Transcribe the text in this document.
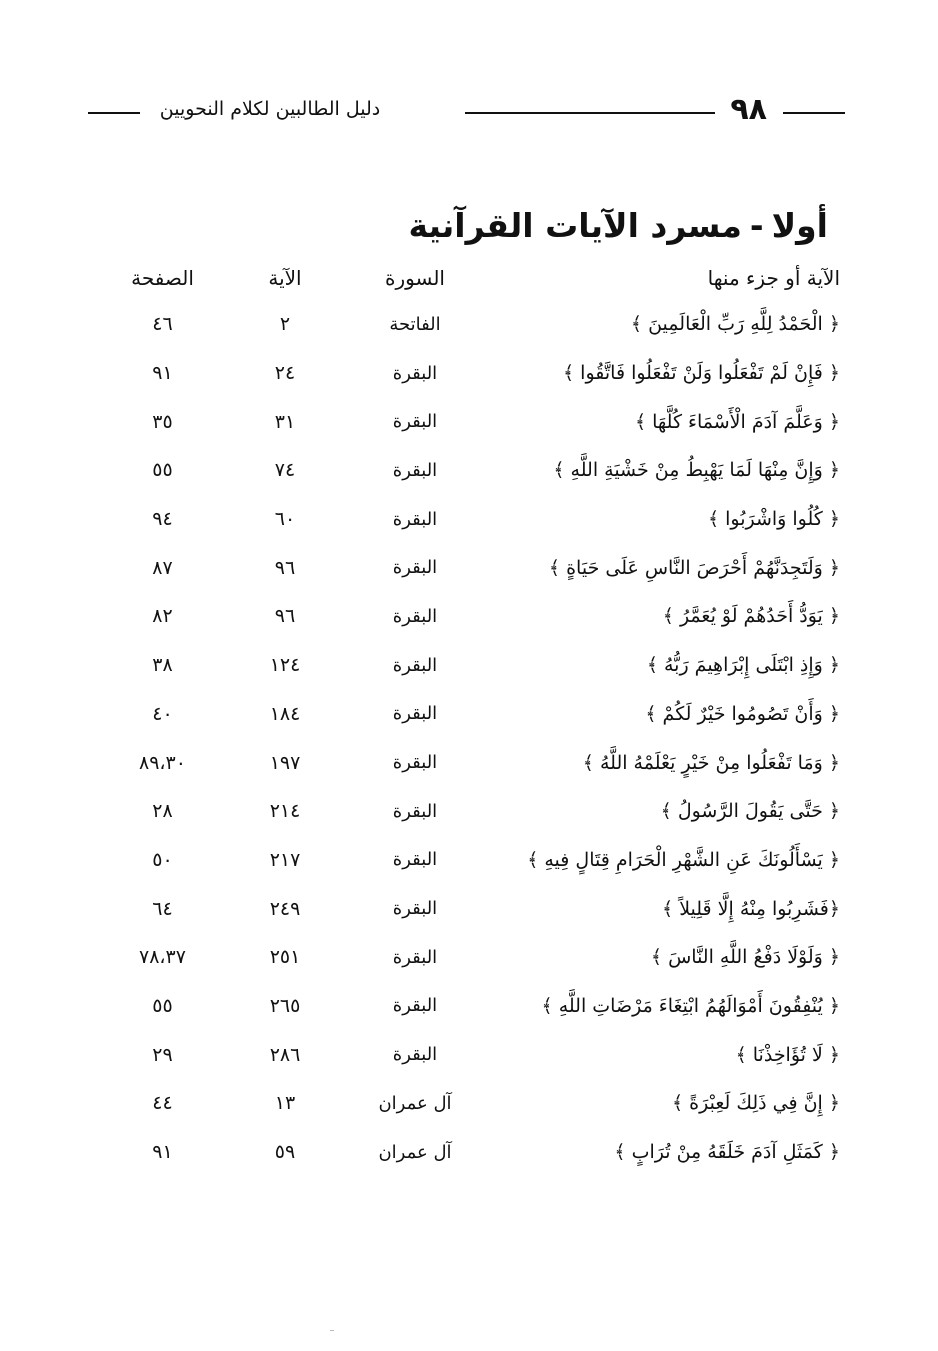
٩٨
دليل الطالبين لكلام النحويين
أولا-مسرد الآيات القرآنية
الآية أو جزء منها	السورة	الآية	الصفحة
﴿ الْحَمْدُ لِلَّهِ رَبِّ الْعَالَمِينَ ﴾	الفاتحة	٢	٤٦
﴿ فَإِنْ لَمْ تَفْعَلُوا وَلَنْ تَفْعَلُوا فَاتَّقُوا ﴾	البقرة	٢٤	٩١
﴿ وَعَلَّمَ آدَمَ الْأَسْمَاءَ كُلَّهَا ﴾	البقرة	٣١	٣٥
﴿ وَإِنَّ مِنْهَا لَمَا يَهْبِطُ مِنْ خَشْيَةِ اللَّهِ ﴾	البقرة	٧٤	٥٥
﴿ كُلُوا وَاشْرَبُوا ﴾	البقرة	٦٠	٩٤
﴿ وَلَتَجِدَنَّهُمْ أَحْرَصَ النَّاسِ عَلَى حَيَاةٍ ﴾	البقرة	٩٦	٨٧
﴿ يَوَدُّ أَحَدُهُمْ لَوْ يُعَمَّرُ ﴾	البقرة	٩٦	٨٢
﴿ وَإِذِ ابْتَلَى إِبْرَاهِيمَ رَبُّهُ ﴾	البقرة	١٢٤	٣٨
﴿ وَأَنْ تَصُومُوا خَيْرٌ لَكُمْ ﴾	البقرة	١٨٤	٤٠
﴿ وَمَا تَفْعَلُوا مِنْ خَيْرٍ يَعْلَمْهُ اللَّهُ ﴾	البقرة	١٩٧	٨٩،٣٠
﴿ حَتَّى يَقُولَ الرَّسُولُ ﴾	البقرة	٢١٤	٢٨
﴿ يَسْأَلُونَكَ عَنِ الشَّهْرِ الْحَرَامِ قِتَالٍ فِيهِ ﴾	البقرة	٢١٧	٥٠
﴿فَشَرِبُوا مِنْهُ إِلَّا قَلِيلاً ﴾	البقرة	٢٤٩	٦٤
﴿ وَلَوْلَا دَفْعُ اللَّهِ النَّاسَ ﴾	البقرة	٢٥١	٧٨،٣٧
﴿ يُنْفِقُونَ أَمْوَالَهُمُ ابْتِغَاءَ مَرْضَاتِ اللَّهِ ﴾	البقرة	٢٦٥	٥٥
﴿ لَا تُؤَاخِذْنَا ﴾	البقرة	٢٨٦	٢٩
﴿ إِنَّ فِي ذَلِكَ لَعِبْرَةً ﴾	آل عمران	١٣	٤٤
﴿ كَمَثَلِ آدَمَ خَلَقَهُ مِنْ تُرَابٍ ﴾	آل عمران	٥٩	٩١
